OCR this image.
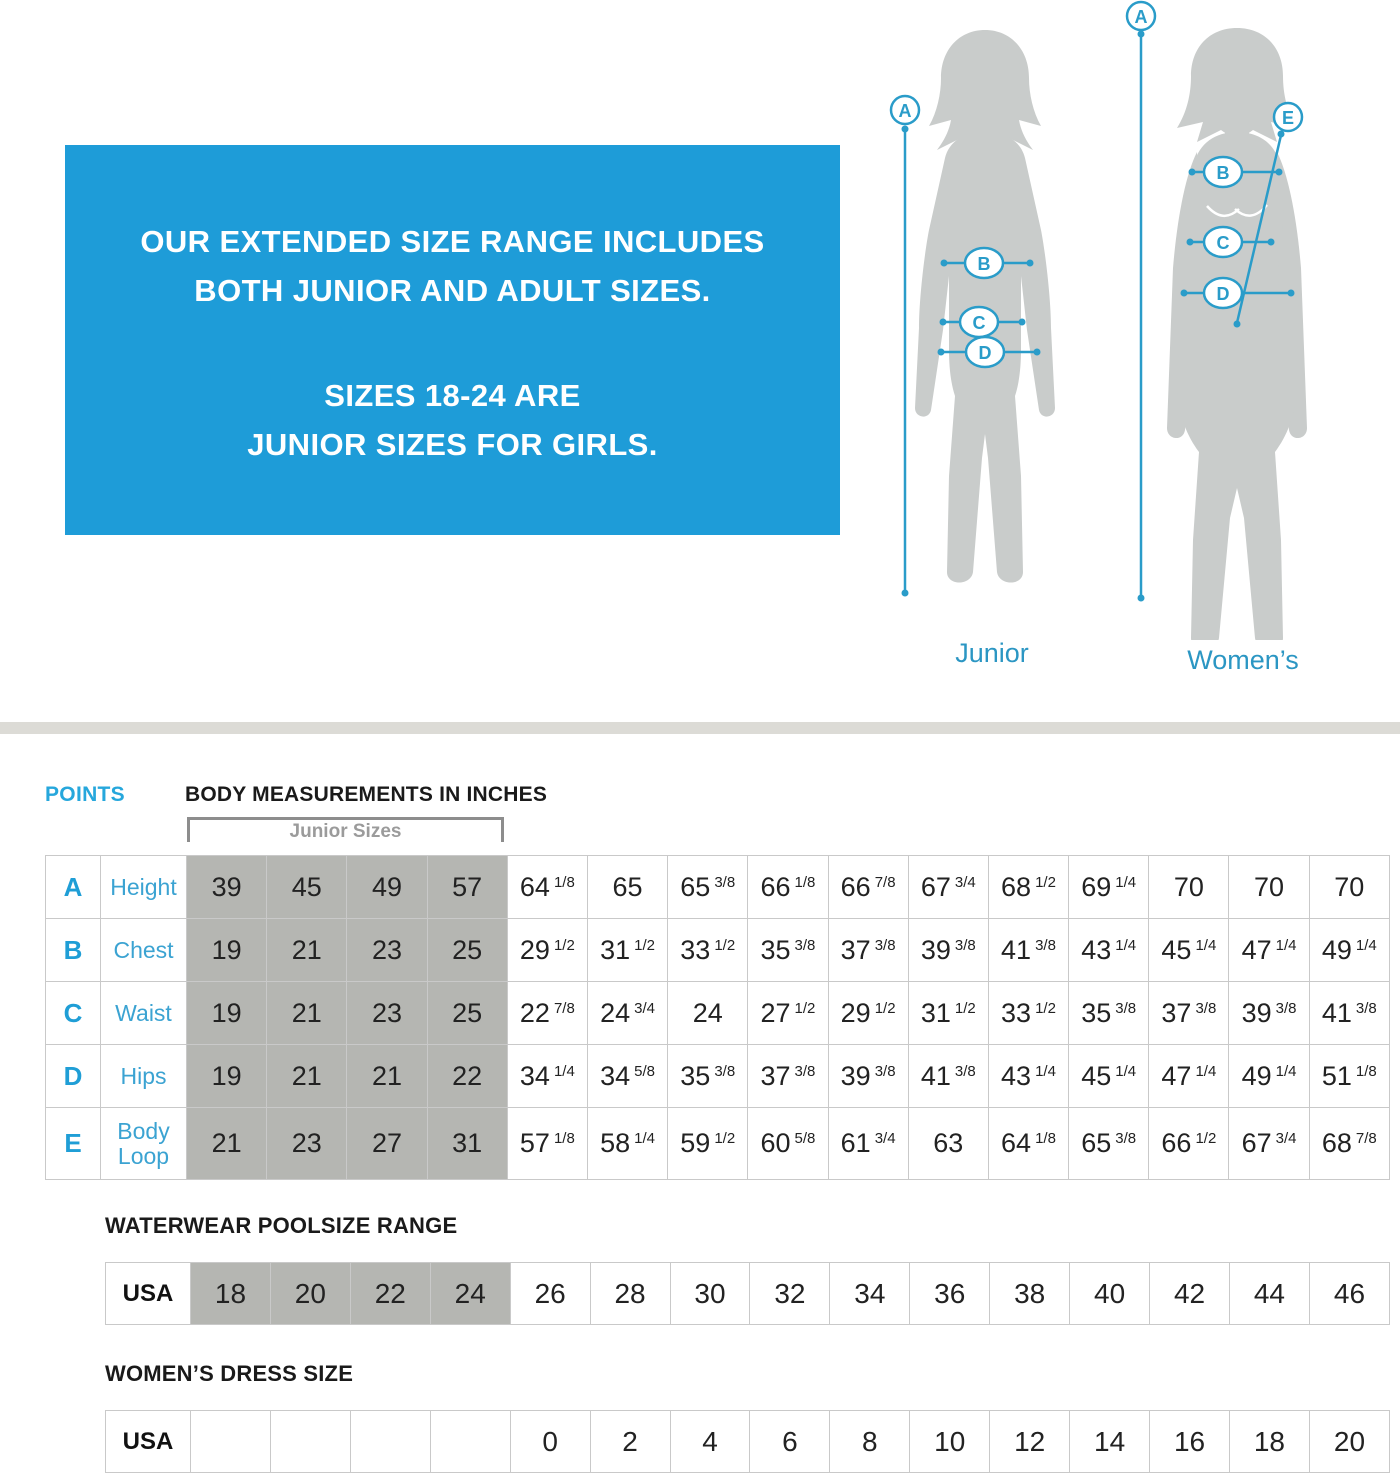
OUR EXTENDED SIZE RANGE INCLUDES
BOTH JUNIOR AND ADULT SIZES.
SIZES 18-24 ARE
JUNIOR SIZES FOR GIRLS.
A
B
C
D
Junior
A
B
C
D
E
Women’s
POINTS	BODY MEASUREMENTS IN INCHES
Junior Sizes
A	Height	39	45	49	57	64 $^{1/8}$	65	65 $^{3/8}$	66 $^{1/8}$	66 $^{7/8}$	67 $^{3/4}$	68 $^{1/2}$	69 $^{1/4}$	70	70	70
B	Chest	19	21	23	25	29 $^{1/2}$	31 $^{1/2}$	33 $^{1/2}$	35 $^{3/8}$	37 $^{3/8}$	39 $^{3/8}$	41 $^{3/8}$	43 $^{1/4}$	45 $^{1/4}$	47 $^{1/4}$	49 $^{1/4}$
C	Waist	19	21	23	25	22 $^{7/8}$	24 $^{3/4}$	24	27 $^{1/2}$	29 $^{1/2}$	31 $^{1/2}$	33 $^{1/2}$	35 $^{3/8}$	37 $^{3/8}$	39 $^{3/8}$	41 $^{3/8}$
D	Hips	19	21	21	22	34 $^{1/4}$	34 $^{5/8}$	35 $^{3/8}$	37 $^{3/8}$	39 $^{3/8}$	41 $^{3/8}$	43 $^{1/4}$	45 $^{1/4}$	47 $^{1/4}$	49 $^{1/4}$	51 $^{1/8}$
E	Body Loop	21	23	27	31	57 $^{1/8}$	58 $^{1/4}$	59 $^{1/2}$	60 $^{5/8}$	61 $^{3/4}$	63	64 $^{1/8}$	65 $^{3/8}$	66 $^{1/2}$	67 $^{3/4}$	68 $^{7/8}$
WATERWEAR POOLSIZE RANGE
USA	18	20	22	24	26	28	30	32	34	36	38	40	42	44	46
WOMEN’S DRESS SIZE
USA					0	2	4	6	8	10	12	14	16	18	20
